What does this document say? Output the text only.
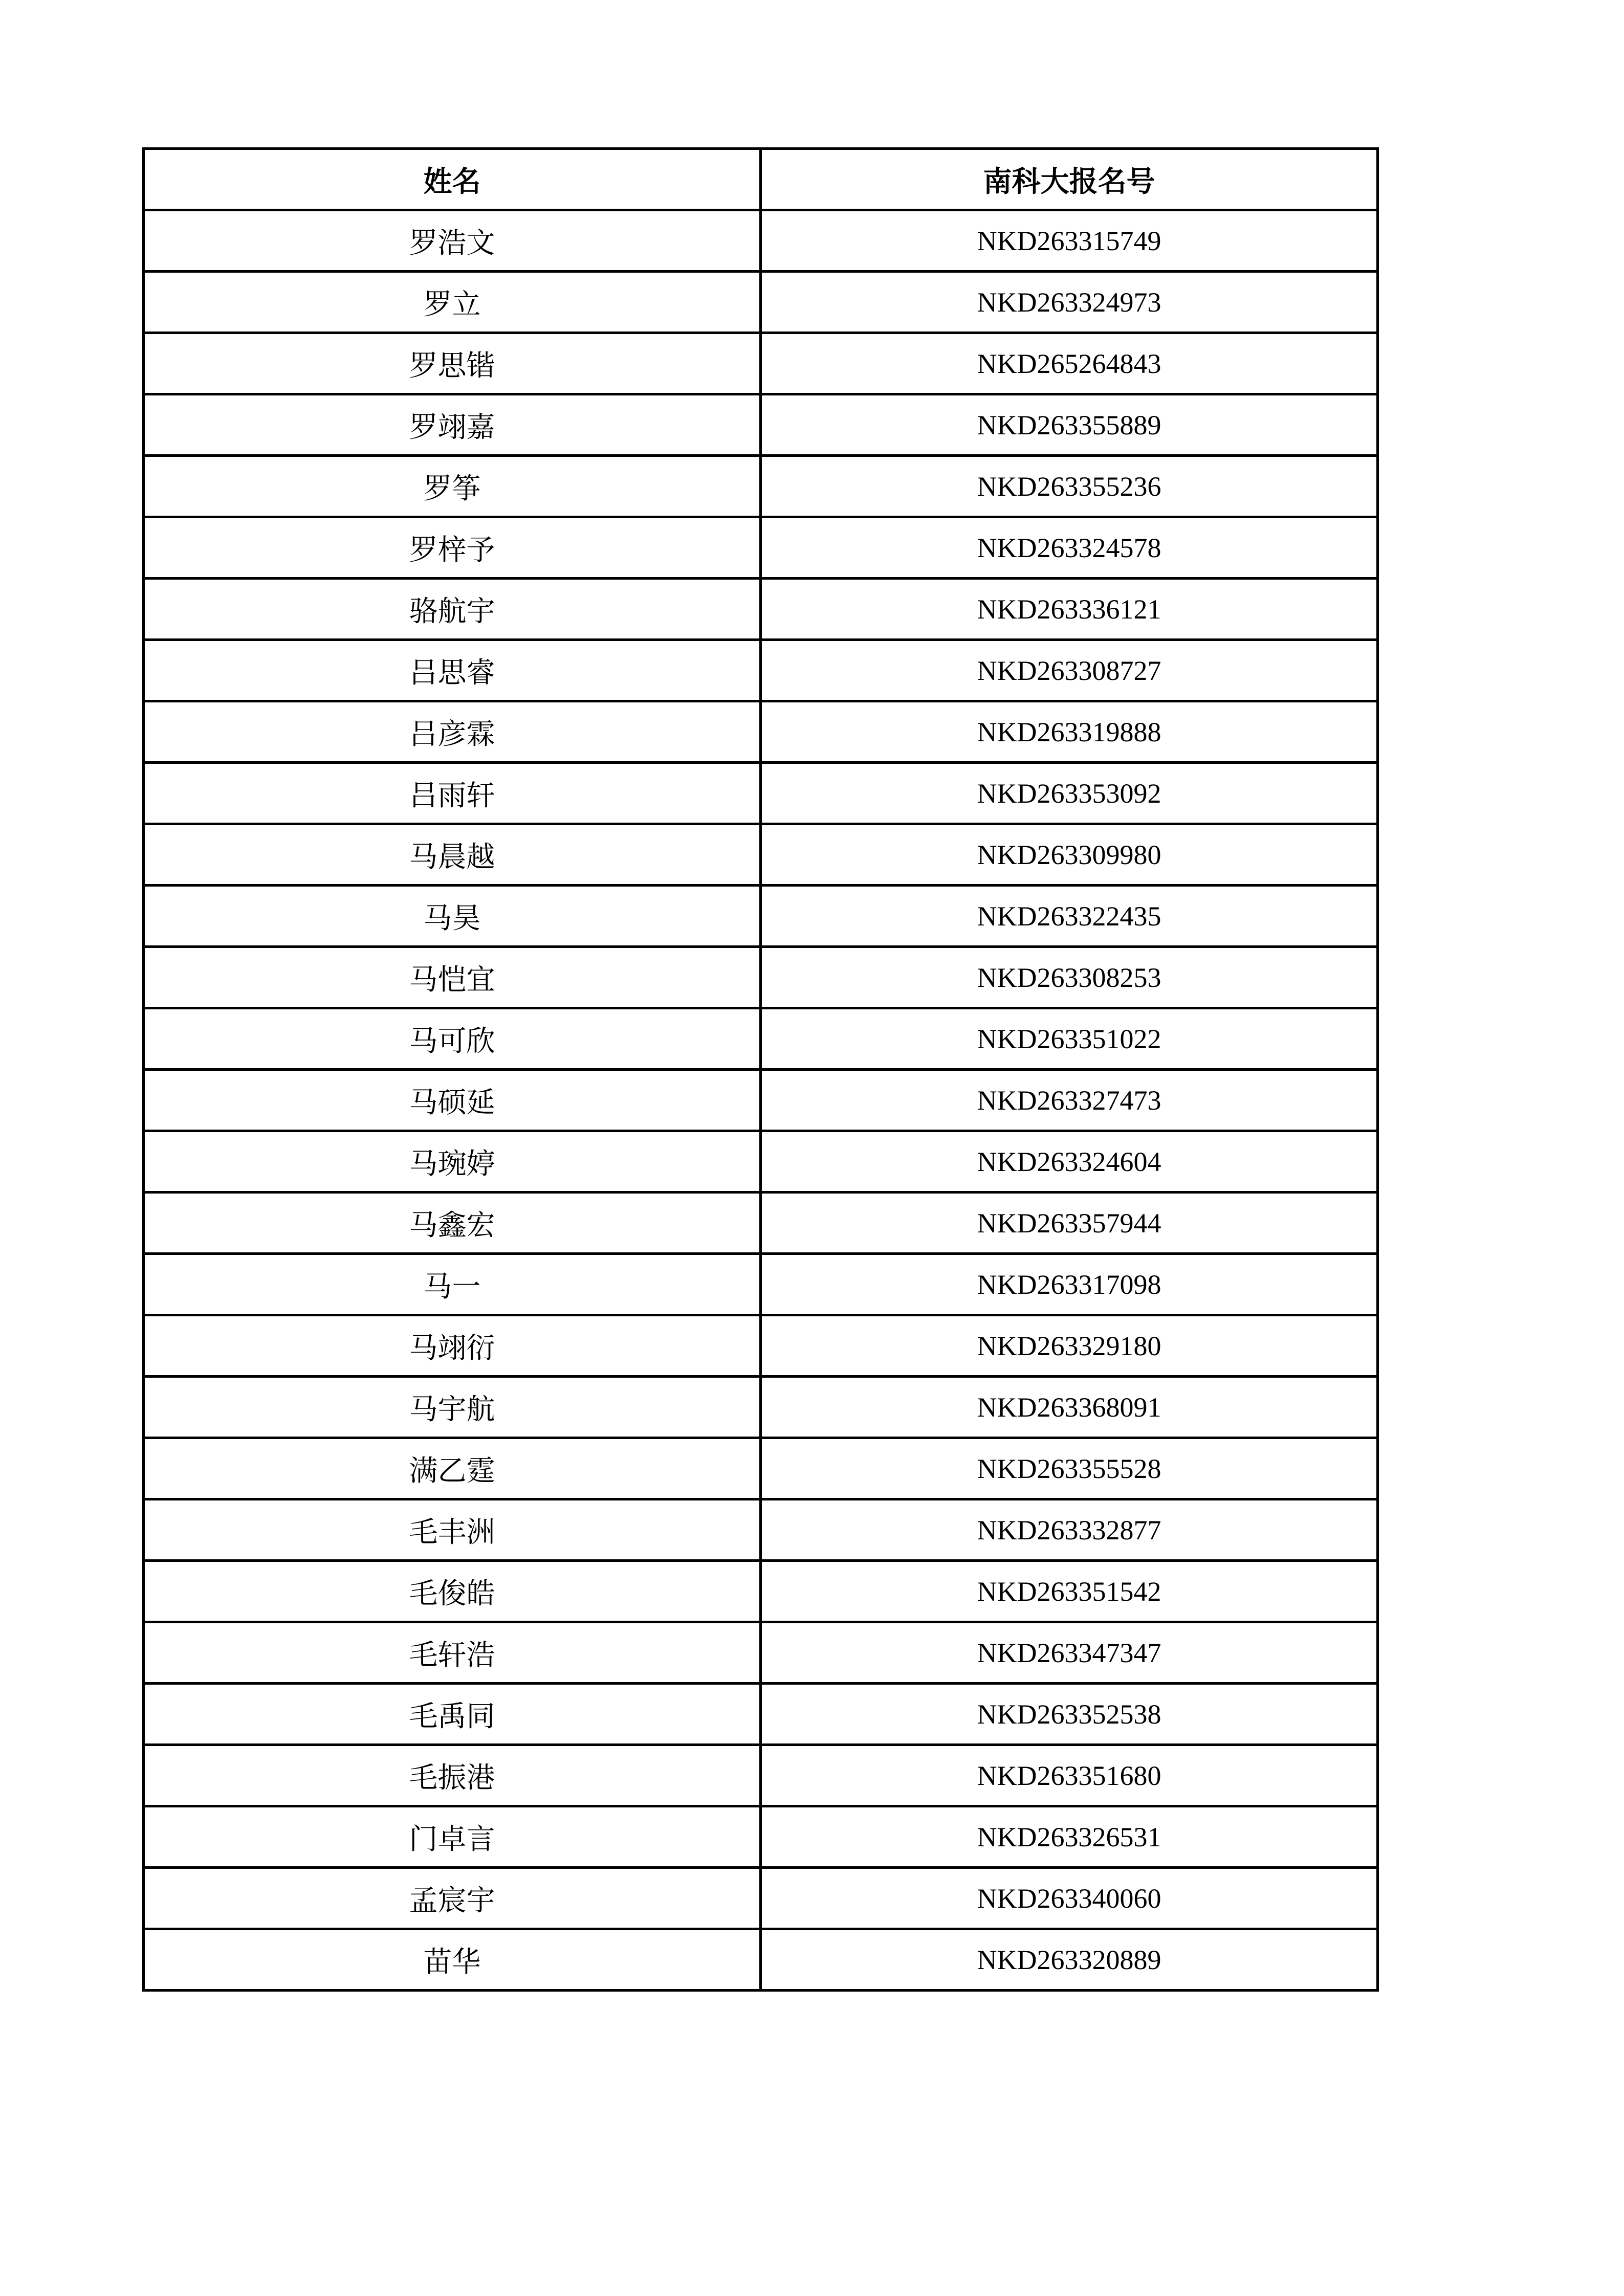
姓名	南科大报名号
罗浩文	NKD263315749
罗立	NKD263324973
罗思锴	NKD265264843
罗翊嘉	NKD263355889
罗筝	NKD263355236
罗梓予	NKD263324578
骆航宇	NKD263336121
吕思睿	NKD263308727
吕彦霖	NKD263319888
吕雨轩	NKD263353092
马晨越	NKD263309980
马昊	NKD263322435
马恺宜	NKD263308253
马可欣	NKD263351022
马硕延	NKD263327473
马琬婷	NKD263324604
马鑫宏	NKD263357944
马一	NKD263317098
马翊衍	NKD263329180
马宇航	NKD263368091
满乙霆	NKD263355528
毛丰洲	NKD263332877
毛俊皓	NKD263351542
毛轩浩	NKD263347347
毛禹同	NKD263352538
毛振港	NKD263351680
门卓言	NKD263326531
孟宸宇	NKD263340060
苗华	NKD263320889
